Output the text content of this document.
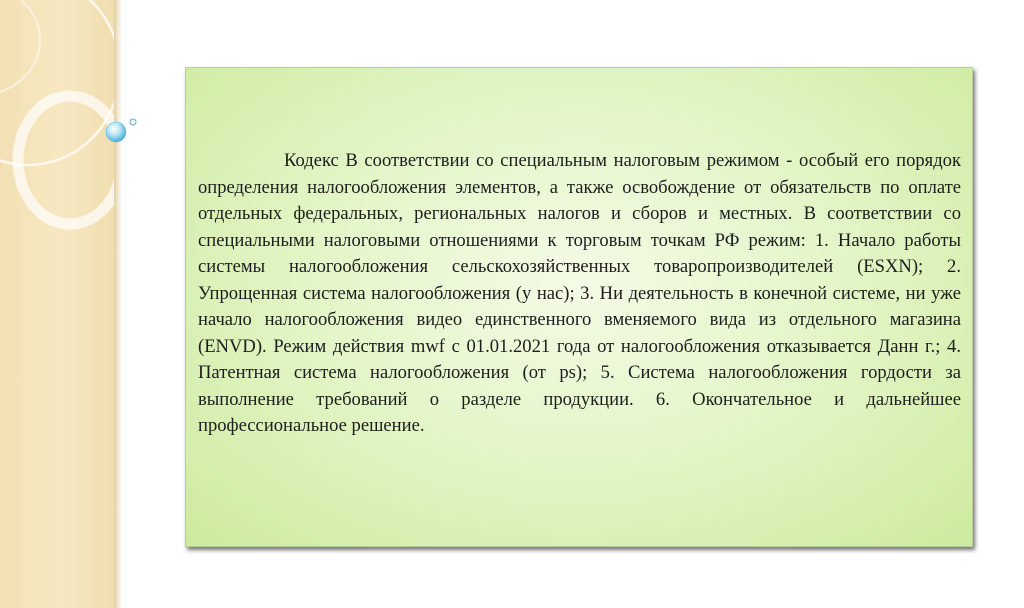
Кодекс В соответствии со специальным налоговым режимом - особый его порядок определения налогообложения элементов, а также освобождение от обязательств по оплате отдельных федеральных, региональных налогов и сборов и местных. В соответствии со специальными налоговыми отношениями к торговым точкам РФ режим: 1. Начало работы системы налогообложения сельскохозяйственных товаропроизводителей (ESXN); 2. Упрощенная система налогообложения (у нас); 3. Ни деятельность в конечной системе, ни уже начало налогообложения видео единственного вменяемого вида из отдельного магазина (ENVD). Режим действия mwf с 01.01.2021 года от налогообложения отказывается Данн г.; 4. Патентная система налогообложения (от ps); 5. Система налогообложения гордости за выполнение требований о разделе продукции. 6. Окончательное и дальнейшее профессиональное решение.
